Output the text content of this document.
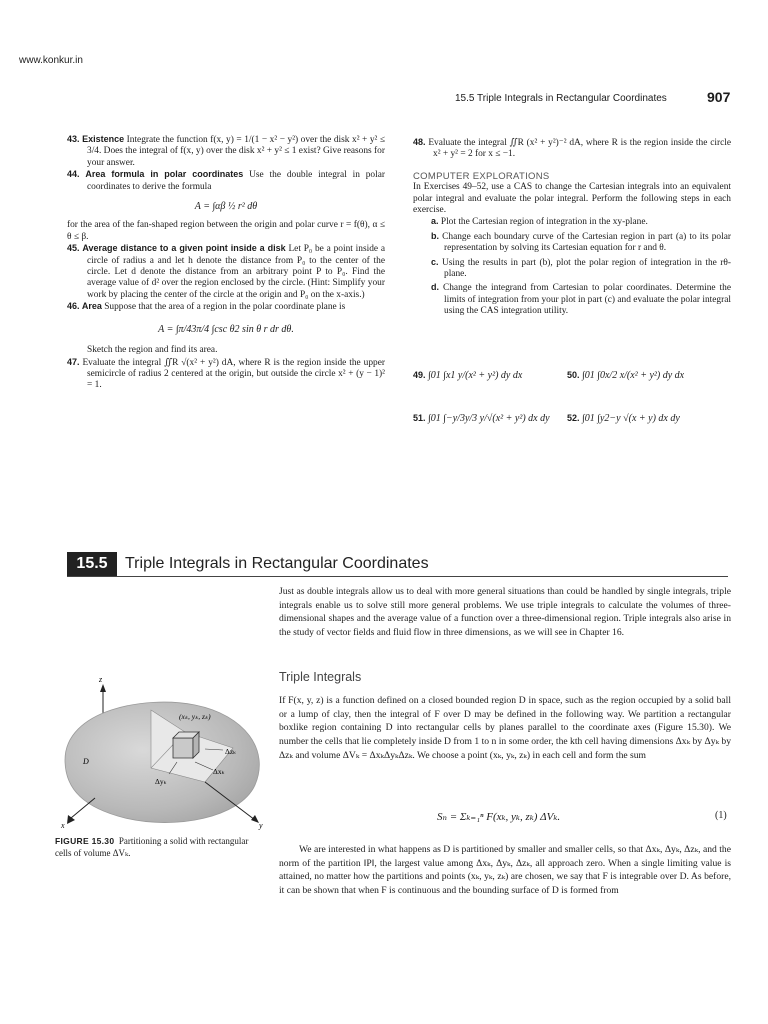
www.konkur.in
15.5 Triple Integrals in Rectangular Coordinates	907

43. Existence Integrate the function f(x, y) = 1/(1 − x² − y²) over the disk x² + y² ≤ 3/4. Does the integral of f(x, y) over the disk x² + y² ≤ 1 exist? Give reasons for your answer.

44. Area formula in polar coordinates Use the double integral in polar coordinates to derive the formula

A = ∫αβ ½ r² dθ

for the area of the fan-shaped region between the origin and polar curve r = f(θ), α ≤ θ ≤ β.

45. Average distance to a given point inside a disk Let P₀ be a point inside a circle of radius a and let h denote the distance from P₀ to the center of the circle. Let d denote the distance from an arbitrary point P to P₀. Find the average value of d² over the region enclosed by the circle. (Hint: Simplify your work by placing the center of the circle at the origin and P₀ on the x-axis.)

46. Area Suppose that the area of a region in the polar coordinate plane is

A = ∫π/43π/4 ∫csc θ2 sin θ r dr dθ.

Sketch the region and find its area.

47. Evaluate the integral ∬R √(x² + y²) dA, where R is the region inside the upper semicircle of radius 2 centered at the origin, but outside the circle x² + (y − 1)² = 1.

48. Evaluate the integral ∬R (x² + y²)⁻² dA, where R is the region inside the circle x² + y² = 2 for x ≤ −1.

COMPUTER EXPLORATIONS

In Exercises 49–52, use a CAS to change the Cartesian integrals into an equivalent polar integral and evaluate the polar integral. Perform the following steps in each exercise.

a. Plot the Cartesian region of integration in the xy-plane.

b. Change each boundary curve of the Cartesian region in part (a) to its polar representation by solving its Cartesian equation for r and θ.

c. Using the results in part (b), plot the polar region of integration in the rθ-plane.

d. Change the integrand from Cartesian to polar coordinates. Determine the limits of integration from your plot in part (c) and evaluate the polar integral using the CAS integration utility.

49. ∫01 ∫x1 y/(x² + y²) dy dx	50. ∫01 ∫0x/2 x/(x² + y²) dy dx
51. ∫01 ∫−y/3y/3 y/√(x² + y²) dx dy 52. ∫01 ∫y2−y √(x + y) dx dy
15.5	Triple Integrals in Rectangular Coordinates
Just as double integrals allow us to deal with more general situations than could be handled by single integrals, triple integrals enable us to solve still more general problems. We use triple integrals to calculate the volumes of three-dimensional shapes and the average value of a function over a three-dimensional region. Triple integrals also arise in the study of vector fields and fluid flow in three dimensions, as we will see in Chapter 16.
Triple Integrals
If F(x, y, z) is a function defined on a closed bounded region D in space, such as the region occupied by a solid ball or a lump of clay, then the integral of F over D may be defined in the following way. We partition a rectangular boxlike region containing D into rectangular cells by planes parallel to the coordinate axes (Figure 15.30). We number the cells that lie completely inside D from 1 to n in some order, the kth cell having dimensions Δxₖ by Δyₖ by Δzₖ and volume ΔVₖ = ΔxₖΔyₖΔzₖ. We choose a point (xₖ, yₖ, zₖ) in each cell and form the sum
Sₙ = Σₖ₌₁ⁿ F(xₖ, yₖ, zₖ) ΔVₖ.	(1)
We are interested in what happens as D is partitioned by smaller and smaller cells, so that Δxₖ, Δyₖ, Δzₖ, and the norm of the partition ‖P‖, the largest value among Δxₖ, Δyₖ, Δzₖ, all approach zero. When a single limiting value is attained, no matter how the partitions and points (xₖ, yₖ, zₖ) are chosen, we say that F is integrable over D. As before, it can be shown that when F is continuous and the bounding surface of D is formed from
z
y
x
D
(xₖ, yₖ, zₖ)
Δzₖ
Δxₖ
Δyₖ
FIGURE 15.30 Partitioning a solid with rectangular cells of volume ΔVₖ.
